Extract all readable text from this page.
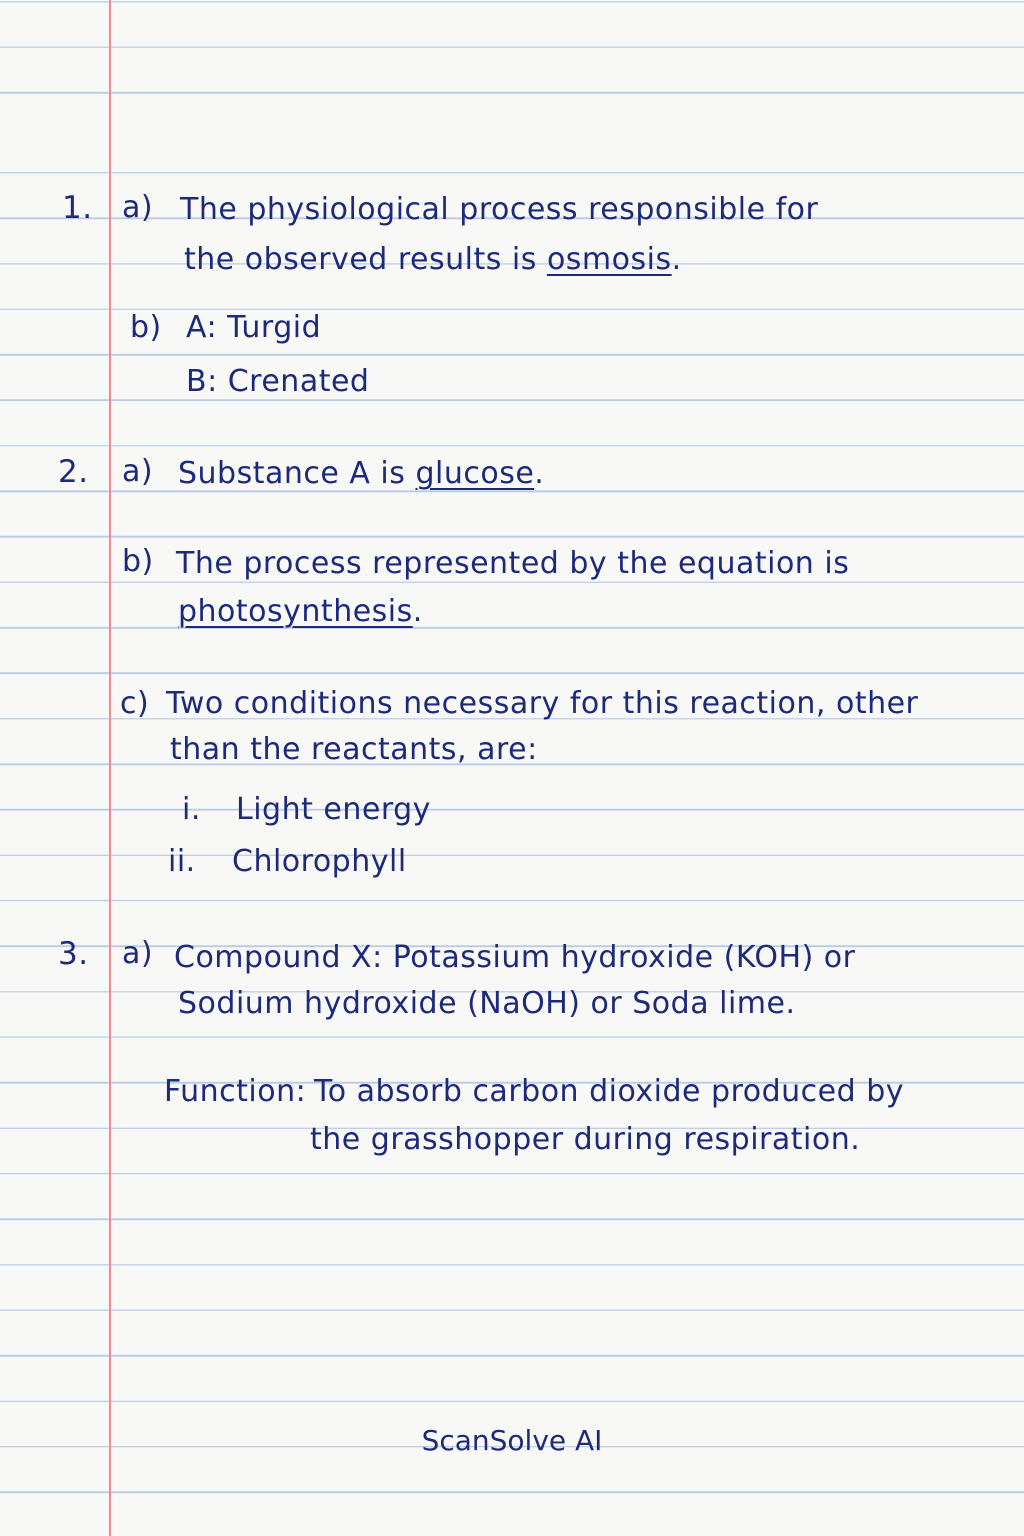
1. a) The physiological process responsible for
the observed results is osmosis.
b) A: Turgid
B: Crenated
2. a) Substance A is glucose.
b) The process represented by the equation is
photosynthesis.
c) Two conditions necessary for this reaction, other
than the reactants, are:
i. Light energy
ii. Chlorophyll
3. a) Compound X: Potassium hydroxide (KOH) or
Sodium hydroxide (NaOH) or Soda lime.
Function: To absorb carbon dioxide produced by
the grasshopper during respiration.
ScanSolve AI
